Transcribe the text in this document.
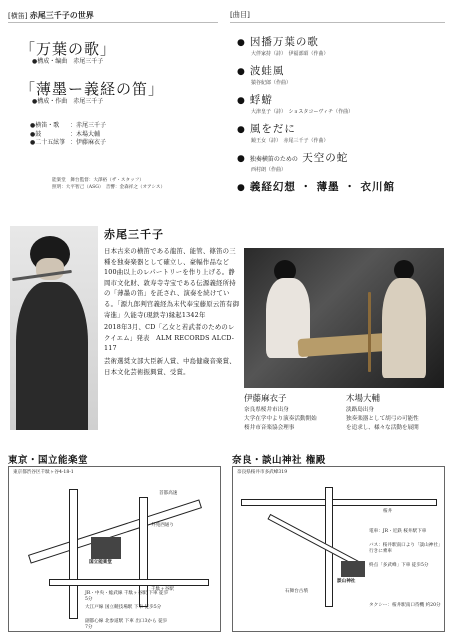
[横笛] 赤尾三千子の世界
「万葉の歌」
●構成・编曲　赤尾三千子
「薄墨ー義経の笛」
●構成・作曲　赤尾三千子
●横笛・歌 ：赤尾三千子
●鼓	：木場大輔
●二十五絃箏 ：伊藤麻衣子
能楽堂　舞台監督：大澤裕（ザ・スタッフ）
照明：大平智己（ASG）　音響：金森祥之（オアシス）
[曲目]
● 因播万葉の歌
大伴家持（詩）　伊福部昭（作曲）
● 波蛙風
猿谷紀郎（作曲）
● 蜉蝣
大津皇子（詩）　ショスタコーヴィチ（作曲）
● 風をだに
鏡王女（詩）　赤尾三千子（作曲）
● 独奏横笛のための 天空の蛇
西村朗（作曲）
● 義経幻想 ・ 薄墨 ・ 衣川館
赤尾三千子

日本古来の横笛である龍笛、能管、篠笛の三種を独奏楽器として確立し、豪幅作品など100曲以上のレパートリーを作り上げる。静岡市文化財、敦寿寺寺宝である伝源義経所持の「薄墨の笛」を託され、演奏を続けている。「源九郎判官義経為末代奉宝藤原云笛有御寄進」久能寺(現鉄寺)縁起1342年

2018年3月、CD「乙女と若武者のためのレクイエム」発表　ALM RECORDS ALCD-117

芸術選奨文部大臣新人賞、中島健蔵音楽賞、日本文化芸術振興賞、受賞。

伊藤麻衣子
奈良県桜井市出身
大学在学中より演奏活動開始
桜井市音楽協会理事
木場大輔
淡路島出身
独奏楽器として胡弓の可能性
を追求し、様々な活動を展開
東京・国立能楽堂
東京都渋谷区千駄ヶ谷4-18-1
国立能楽堂
首都高速
外苑西通り
千駄ヶ谷駅
JR・中央・総武線 千駄ヶ谷駅 下車 徒歩5分
大江戸線 国立競技場駅 下車 徒歩5分
副都心線 北参道駅 下車 出口3から 徒歩7分
奈良・談山神社 権殿
奈良県桜井市多武峰319
談山神社
石舞台古墳
桜井
電車：JR・近鉄 桜井駅下車
バス：桜井駅南口より「談山神社」行きに乗車
終点「多武峰」下車 徒歩5分
タクシー：桜井駅南口待機 約20分
